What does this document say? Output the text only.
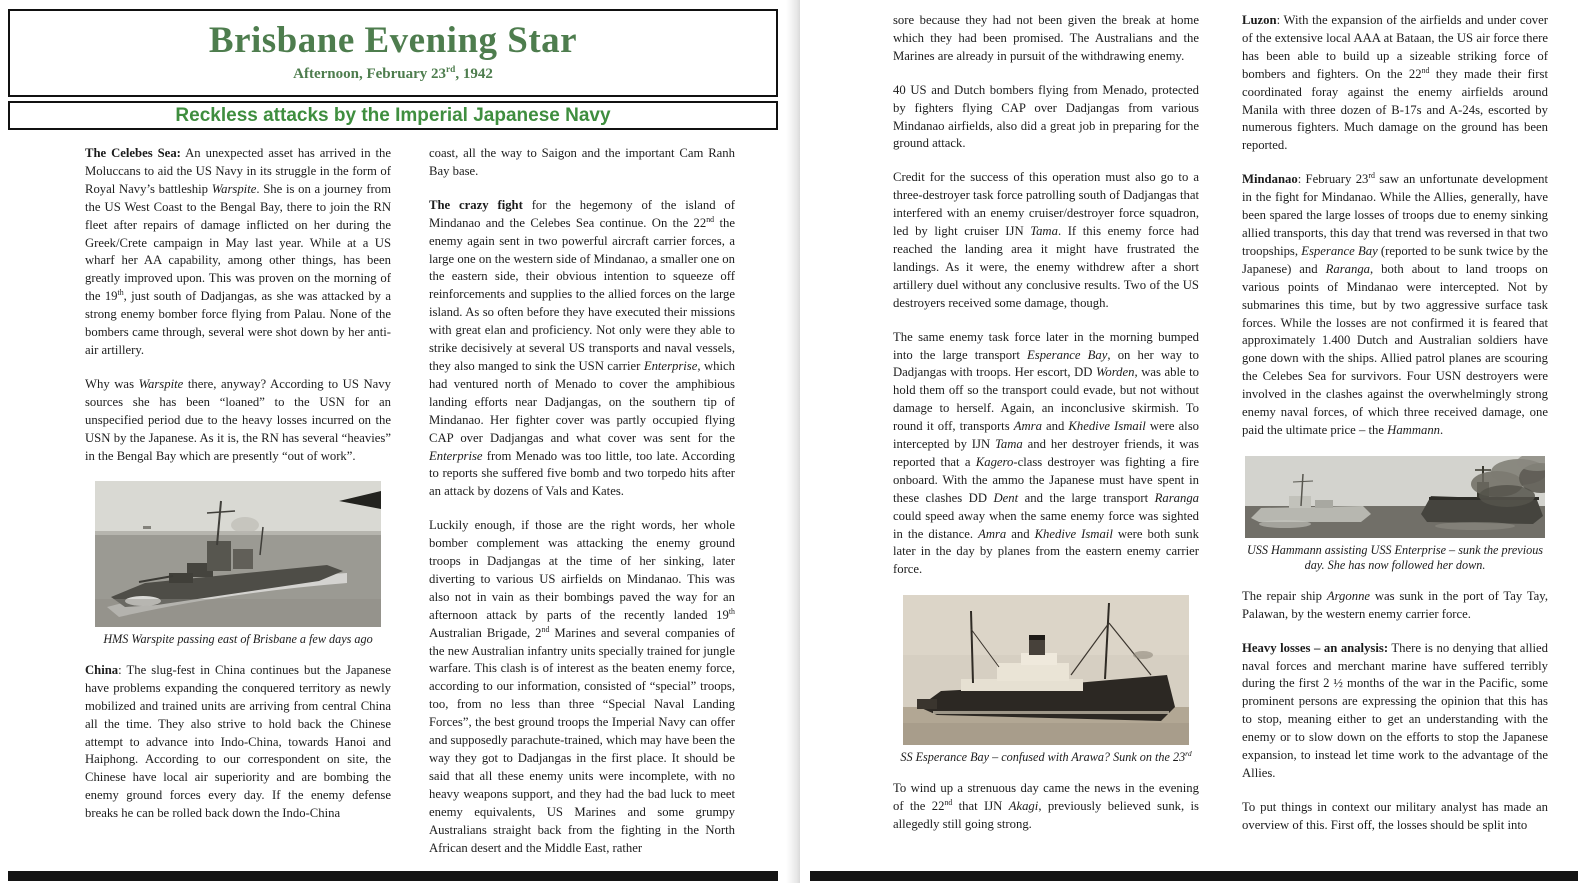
Brisbane Evening Star
Afternoon, February 23rd, 1942
Reckless attacks by the Imperial Japanese Navy

The Celebes Sea: An unexpected asset has arrived in the Moluccans to aid the US Navy in its struggle in the form of Royal Navy’s battleship Warspite. She is on a journey from the US West Coast to the Bengal Bay, there to join the RN fleet after repairs of damage inflicted on her during the Greek/Crete campaign in May last year. While at a US wharf her AA capability, among other things, has been greatly improved upon. This was proven on the morning of the 19th, just south of Dadjangas, as she was attacked by a strong enemy bomber force flying from Palau. None of the bombers came through, several were shot down by her anti-air artillery.

Why was Warspite there, anyway? According to US Navy sources she has been “loaned” to the USN for an unspecified period due to the heavy losses incurred on the USN by the Japanese. As it is, the RN has several “heavies” in the Bengal Bay which are presently “out of work”.

HMS Warspite passing east of Brisbane a few days ago

China: The slug-fest in China continues but the Japanese have problems expanding the conquered territory as newly mobilized and trained units are arriving from central China all the time. They also strive to hold back the Chinese attempt to advance into Indo-China, towards Hanoi and Haiphong. According to our correspondent on site, the Chinese have local air superiority and are bombing the enemy ground forces every day. If the enemy defense breaks he can be rolled back down the Indo-China

coast, all the way to Saigon and the important Cam Ranh Bay base.

The crazy fight for the hegemony of the island of Mindanao and the Celebes Sea continue. On the 22nd the enemy again sent in two powerful aircraft carrier forces, a large one on the western side of Mindanao, a smaller one on the eastern side, their obvious intention to squeeze off reinforcements and supplies to the allied forces on the large island. As so often before they have executed their missions with great elan and proficiency. Not only were they able to strike decisively at several US transports and naval vessels, they also manged to sink the USN carrier Enterprise, which had ventured north of Menado to cover the amphibious landing efforts near Dadjangas, on the southern tip of Mindanao. Her fighter cover was partly occupied flying CAP over Dadjangas and what cover was sent for the Enterprise from Menado was too little, too late. According to reports she suffered five bomb and two torpedo hits after an attack by dozens of Vals and Kates.

Luckily enough, if those are the right words, her whole bomber complement was attacking the enemy ground troops in Dadjangas at the time of her sinking, later diverting to various US airfields on Mindanao. This was also not in vain as their bombings paved the way for an afternoon attack by parts of the recently landed 19th Australian Brigade, 2nd Marines and several companies of the new Australian infantry units specially trained for jungle warfare. This clash is of interest as the beaten enemy force, according to our information, consisted of “special” troops, too, from no less than three “Special Naval Landing Forces”, the best ground troops the Imperial Navy can offer and supposedly parachute-trained, which may have been the way they got to Dadjangas in the first place. It should be said that all these enemy units were incomplete, with no heavy weapons support, and they had the bad luck to meet enemy equivalents, US Marines and some grumpy Australians straight back from the fighting in the North African desert and the Middle East, rather

sore because they had not been given the break at home which they had been promised. The Australians and the Marines are already in pursuit of the withdrawing enemy.

40 US and Dutch bombers flying from Menado, protected by fighters flying CAP over Dadjangas from various Mindanao airfields, also did a great job in preparing for the ground attack.

Credit for the success of this operation must also go to a three-destroyer task force patrolling south of Dadjangas that interfered with an enemy cruiser/destroyer force squadron, led by light cruiser IJN Tama. If this enemy force had reached the landing area it might have frustrated the landings. As it were, the enemy withdrew after a short artillery duel without any conclusive results. Two of the US destroyers received some damage, though.

The same enemy task force later in the morning bumped into the large transport Esperance Bay, on her way to Dadjangas with troops. Her escort, DD Worden, was able to hold them off so the transport could evade, but not without damage to herself. Again, an inconclusive skirmish. To round it off, transports Amra and Khedive Ismail were also intercepted by IJN Tama and her destroyer friends, it was reported that a Kagero-class destroyer was fighting a fire onboard. With the ammo the Japanese must have spent in these clashes DD Dent and the large transport Raranga could speed away when the same enemy force was sighted in the distance. Amra and Khedive Ismail were both sunk later in the day by planes from the eastern enemy carrier force.

SS Esperance Bay – confused with Arawa? Sunk on the 23rd

To wind up a strenuous day came the news in the evening of the 22nd that IJN Akagi, previously believed sunk, is allegedly still going strong.

Luzon: With the expansion of the airfields and under cover of the extensive local AAA at Bataan, the US air force there has been able to build up a sizeable striking force of bombers and fighters. On the 22nd they made their first coordinated foray against the enemy airfields around Manila with three dozen of B-17s and A-24s, escorted by numerous fighters. Much damage on the ground has been reported.

Mindanao: February 23rd saw an unfortunate development in the fight for Mindanao. While the Allies, generally, have been spared the large losses of troops due to enemy sinking allied transports, this day that trend was reversed in that two troopships, Esperance Bay (reported to be sunk twice by the Japanese) and Raranga, both about to land troops on various points of Mindanao were intercepted. Not by submarines this time, but by two aggressive surface task forces. While the losses are not confirmed it is feared that approximately 1.400 Dutch and Australian soldiers have gone down with the ships. Allied patrol planes are scouring the Celebes Sea for survivors. Four USN destroyers were involved in the clashes against the overwhelmingly strong enemy naval forces, of which three received damage, one paid the ultimate price – the Hammann.

USS Hammann assisting USS Enterprise – sunk the previous day. She has now followed her down.

The repair ship Argonne was sunk in the port of Tay Tay, Palawan, by the western enemy carrier force.

Heavy losses – an analysis: There is no denying that allied naval forces and merchant marine have suffered terribly during the first 2 ½ months of the war in the Pacific, some prominent persons are expressing the opinion that this has to stop, meaning either to get an understanding with the enemy or to slow down on the efforts to stop the Japanese expansion, to instead let time work to the advantage of the Allies.

To put things in context our military analyst has made an overview of this. First off, the losses should be split into
